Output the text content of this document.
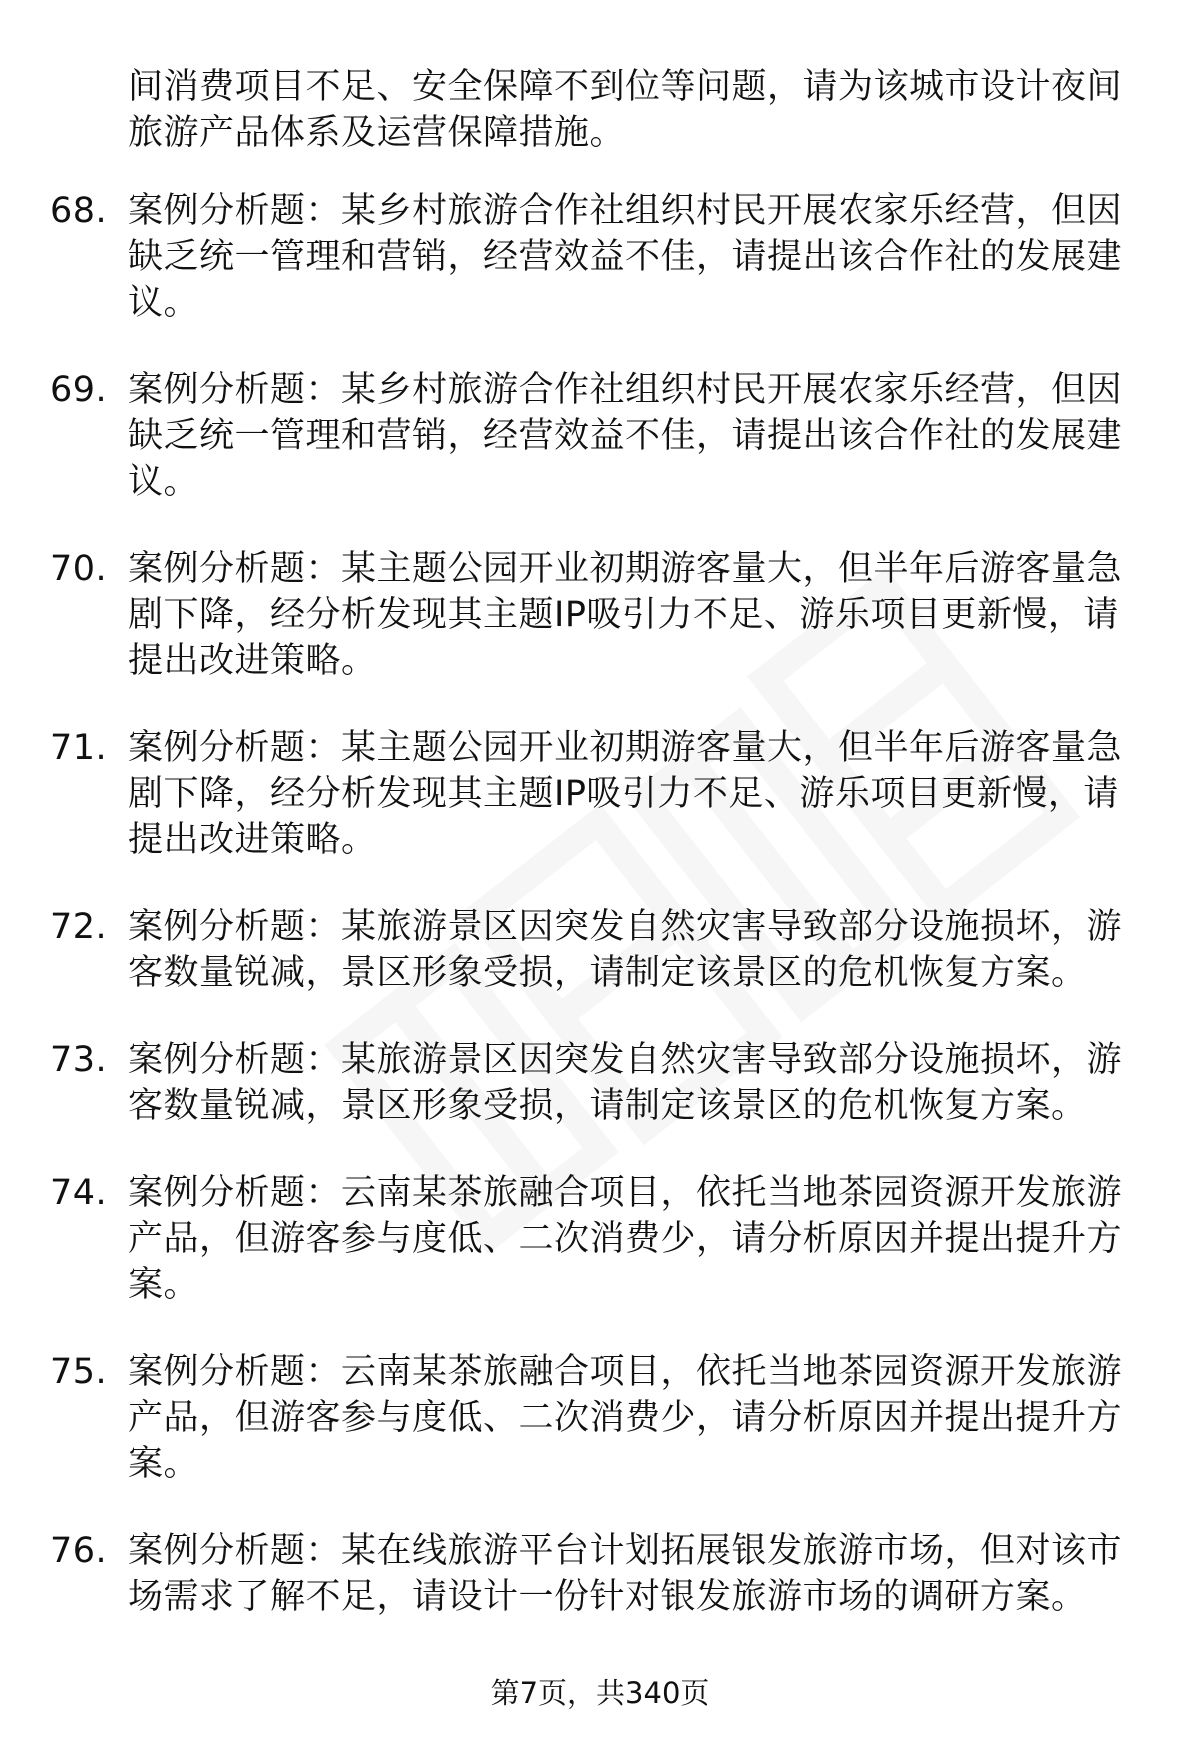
间消费项目不足、安全保障不到位等问题，请为该城市设计夜间旅游产品体系及运营保障措施。
68. 案例分析题：某乡村旅游合作社组织村民开展农家乐经营，但因缺乏统一管理和营销，经营效益不佳，请提出该合作社的发展建议。
69. 案例分析题：某乡村旅游合作社组织村民开展农家乐经营，但因缺乏统一管理和营销，经营效益不佳，请提出该合作社的发展建议。
70. 案例分析题：某主题公园开业初期游客量大，但半年后游客量急剧下降，经分析发现其主题IP吸引力不足、游乐项目更新慢，请提出改进策略。
71. 案例分析题：某主题公园开业初期游客量大，但半年后游客量急剧下降，经分析发现其主题IP吸引力不足、游乐项目更新慢，请提出改进策略。
72. 案例分析题：某旅游景区因突发自然灾害导致部分设施损坏，游客数量锐减，景区形象受损，请制定该景区的危机恢复方案。
73. 案例分析题：某旅游景区因突发自然灾害导致部分设施损坏，游客数量锐减，景区形象受损，请制定该景区的危机恢复方案。
74. 案例分析题：云南某茶旅融合项目，依托当地茶园资源开发旅游产品，但游客参与度低、二次消费少，请分析原因并提出提升方案。
75. 案例分析题：云南某茶旅融合项目，依托当地茶园资源开发旅游产品，但游客参与度低、二次消费少，请分析原因并提出提升方案。
76. 案例分析题：某在线旅游平台计划拓展银发旅游市场，但对该市场需求了解不足，请设计一份针对银发旅游市场的调研方案。
第7页，共340页
